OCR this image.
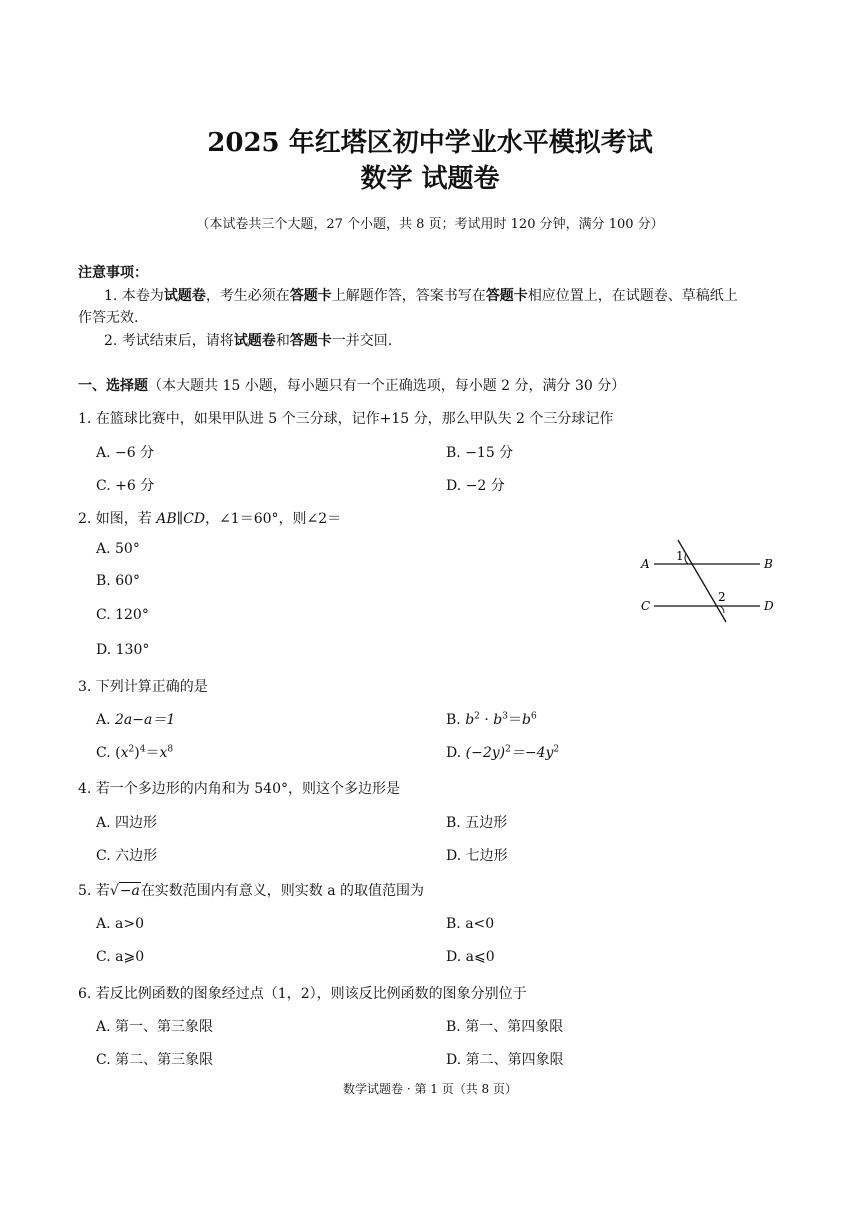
2025 年红塔区初中学业水平模拟考试
数学 试题卷
（本试卷共三个大题，27 个小题，共 8 页；考试用时 120 分钟，满分 100 分）
注意事项：
1. 本卷为试题卷，考生必须在答题卡上解题作答，答案书写在答题卡相应位置上，在试题卷、草稿纸上
作答无效.
2. 考试结束后，请将试题卷和答题卡一并交回.
一、选择题（本大题共 15 小题，每小题只有一个正确选项，每小题 2 分，满分 30 分）
1. 在篮球比赛中，如果甲队进 5 个三分球，记作+15 分，那么甲队失 2 个三分球记作
A. −6 分	B. −15 分
C. +6 分	D. −2 分
2. 如图，若 AB∥CD，∠1＝60°，则∠2＝
A. 50°
B. 60°
C. 120°
D. 130°
A	B
C	D
1
2
3. 下列计算正确的是
A. 2a−a＝1	B. $b^2 \cdot b^3=b^6$
C. $(x^2)^4=x^8$	D. $(-2y)^2=-4y^2$
4. 若一个多边形的内角和为 540°，则这个多边形是
A. 四边形	B. 五边形
C. 六边形	D. 七边形
5. 若√−a在实数范围内有意义，则实数 a 的取值范围为
A. a>0	B. a<0
C. a⩾0	D. a⩽0
6. 若反比例函数的图象经过点（1，2），则该反比例函数的图象分别位于
A. 第一、第三象限	B. 第一、第四象限
C. 第二、第三象限	D. 第二、第四象限
数学试题卷 · 第 1 页（共 8 页）
